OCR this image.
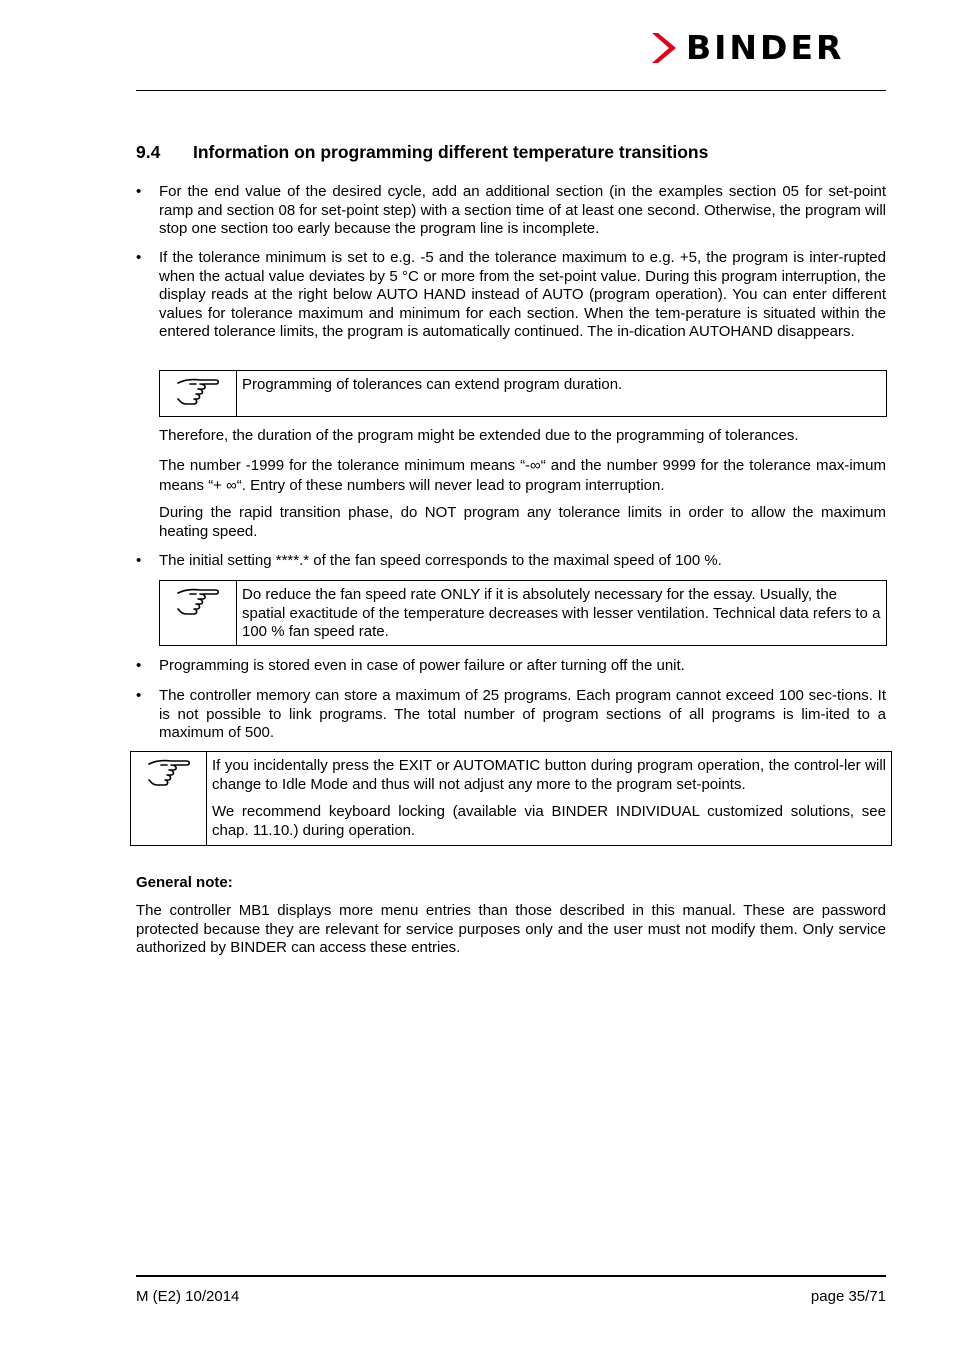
BINDER
9.4 Information on programming different temperature transitions
•	For the end value of the desired cycle, add an additional section (in the examples section 05 for set-point ramp and section 08 for set-point step) with a section time of at least one second. Otherwise, the program will stop one section too early because the program line is incomplete.
•	If the tolerance minimum is set to e.g. -5 and the tolerance maximum to e.g. +5, the program is inter-rupted when the actual value deviates by 5 °C or more from the set-point value. During this program interruption, the display reads at the right below AUTO HAND instead of AUTO (program operation). You can enter different values for tolerance maximum and minimum for each section. When the tem-perature is situated within the entered tolerance limits, the program is automatically continued. The in-dication AUTOHAND disappears.

Programming of tolerances can extend program duration.

Therefore, the duration of the program might be extended due to the programming of tolerances.
The number -1999 for the tolerance minimum means “-∞“ and the number 9999 for the tolerance max-imum means “+ ∞“. Entry of these numbers will never lead to program interruption.
During the rapid transition phase, do NOT program any tolerance limits in order to allow the maximum heating speed.
•	The initial setting ****.* of the fan speed corresponds to the maximal speed of 100 %.

Do reduce the fan speed rate ONLY if it is absolutely necessary for the essay. Usually, the spatial exactitude of the temperature decreases with lesser ventilation. Technical data refers to a 100 % fan speed rate.

•	Programming is stored even in case of power failure or after turning off the unit.
•	The controller memory can store a maximum of 25 programs. Each program cannot exceed 100 sec-tions. It is not possible to link programs. The total number of program sections of all programs is lim-ited to a maximum of 500.

If you incidentally press the EXIT or AUTOMATIC button during program operation, the control-ler will change to Idle Mode and thus will not adjust any more to the program set-points.

We recommend keyboard locking (available via BINDER INDIVIDUAL customized solutions, see chap. 11.10.) during operation.

General note:
The controller MB1 displays more menu entries than those described in this manual. These are password protected because they are relevant for service purposes only and the user must not modify them. Only service authorized by BINDER can access these entries.
M (E2) 10/2014	page 35/71
